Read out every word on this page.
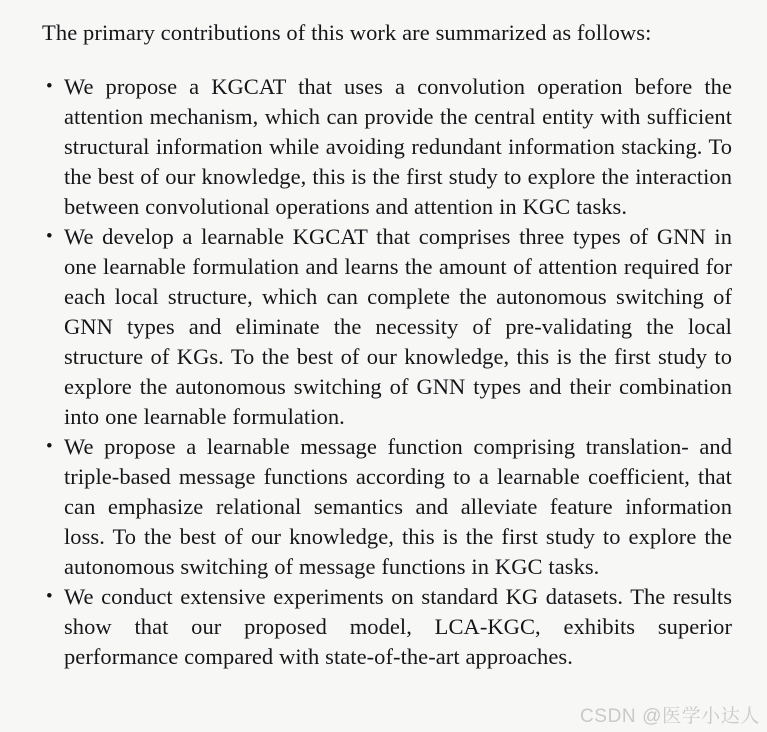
The primary contributions of this work are summarized as follows:

• We propose a KGCAT that uses a convolution operation before the attention mechanism, which can provide the central entity with sufficient structural information while avoiding redundant information stacking. To the best of our knowledge, this is the first study to explore the interaction between convolutional operations and attention in KGC tasks.
• We develop a learnable KGCAT that comprises three types of GNN in one learnable formulation and learns the amount of attention required for each local structure, which can complete the autonomous switching of GNN types and eliminate the necessity of pre-validating the local structure of KGs. To the best of our knowledge, this is the first study to explore the autonomous switching of GNN types and their combination into one learnable formulation.
• We propose a learnable message function comprising translation- and triple-based message functions according to a learnable coefficient, that can emphasize relational semantics and alleviate feature information loss. To the best of our knowledge, this is the first study to explore the autonomous switching of message functions in KGC tasks.
• We conduct extensive experiments on standard KG datasets. The results show that our proposed model, LCA-KGC, exhibits superior performance compared with state-of-the-art approaches.
CSDN @医学小达人
